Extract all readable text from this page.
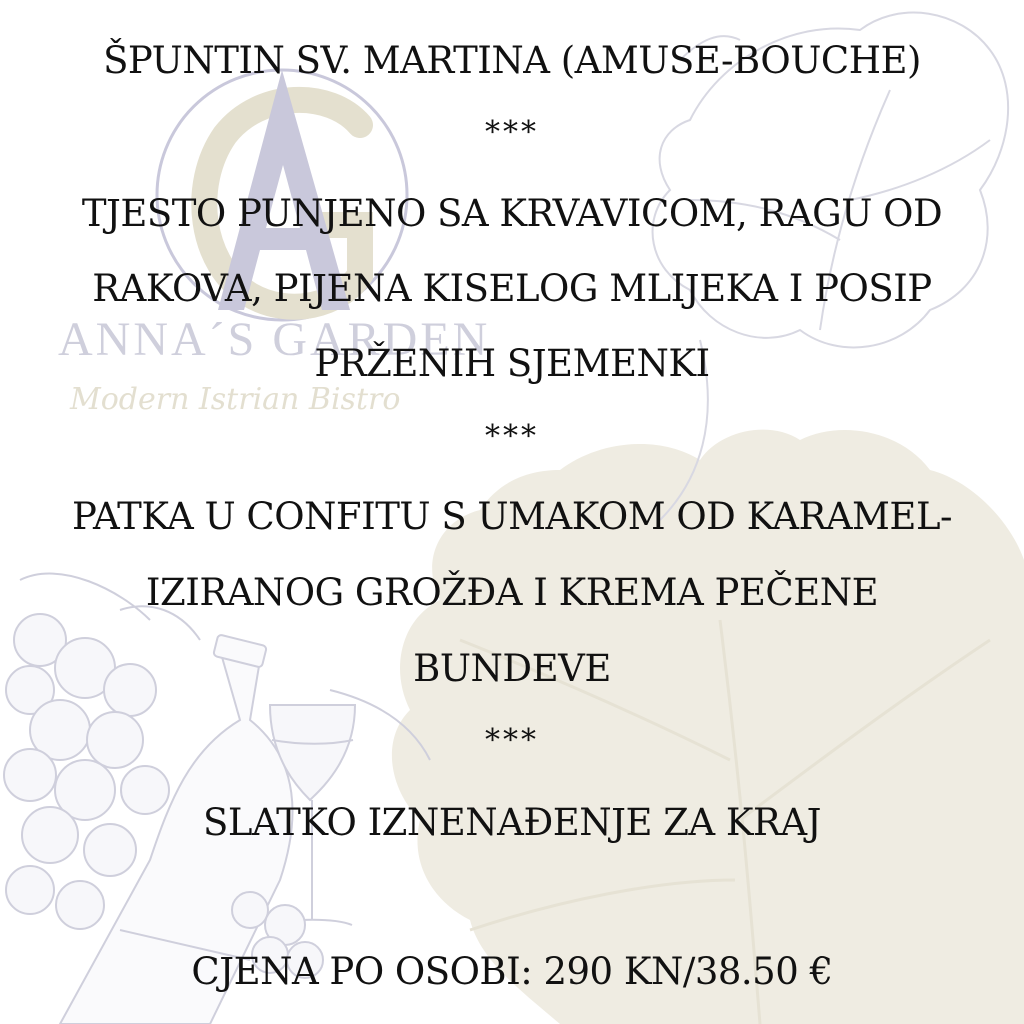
ANNA´S GARDEN
Modern Istrian Bistro
ŠPUNTIN SV. MARTINA (AMUSE-BOUCHE)
***
TJESTO PUNJENO SA KRVAVICOM, RAGU OD
RAKOVA, PIJENA KISELOG MLIJEKA I POSIP
PRŽENIH SJEMENKI
***
PATKA U CONFITU S UMAKOM OD KARAMEL-
IZIRANOG GROŽĐA I KREMA PEČENE
BUNDEVE
***
SLATKO IZNENAĐENJE ZA KRAJ
CJENA PO OSOBI: 290 KN/38.50 €
